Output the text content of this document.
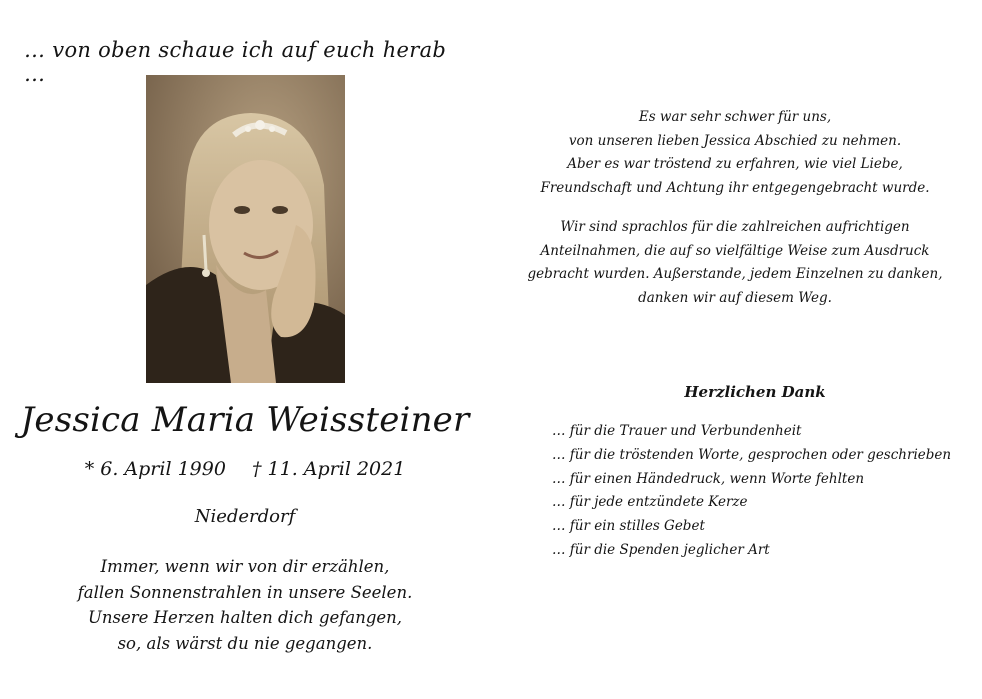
… von oben schaue ich auf euch herab …
Jessica Maria Weissteiner
* 6. April 1990 † 11. April 2021
Niederdorf
Immer, wenn wir von dir erzählen,
fallen Sonnenstrahlen in unsere Seelen.
Unsere Herzen halten dich gefangen,
so, als wärst du nie gegangen.
Es war sehr schwer für uns,
von unseren lieben Jessica Abschied zu nehmen.
Aber es war tröstend zu erfahren, wie viel Liebe,
Freundschaft und Achtung ihr entgegengebracht wurde.
Wir sind sprachlos für die zahlreichen aufrichtigen
Anteilnahmen, die auf so vielfältige Weise zum Ausdruck
gebracht wurden. Außerstande, jedem Einzelnen zu danken,
danken wir auf diesem Weg.
Herzlichen Dank
… für die Trauer und Verbundenheit
… für die tröstenden Worte, gesprochen oder geschrieben
… für einen Händedruck, wenn Worte fehlten
… für jede entzündete Kerze
… für ein stilles Gebet
… für die Spenden jeglicher Art
